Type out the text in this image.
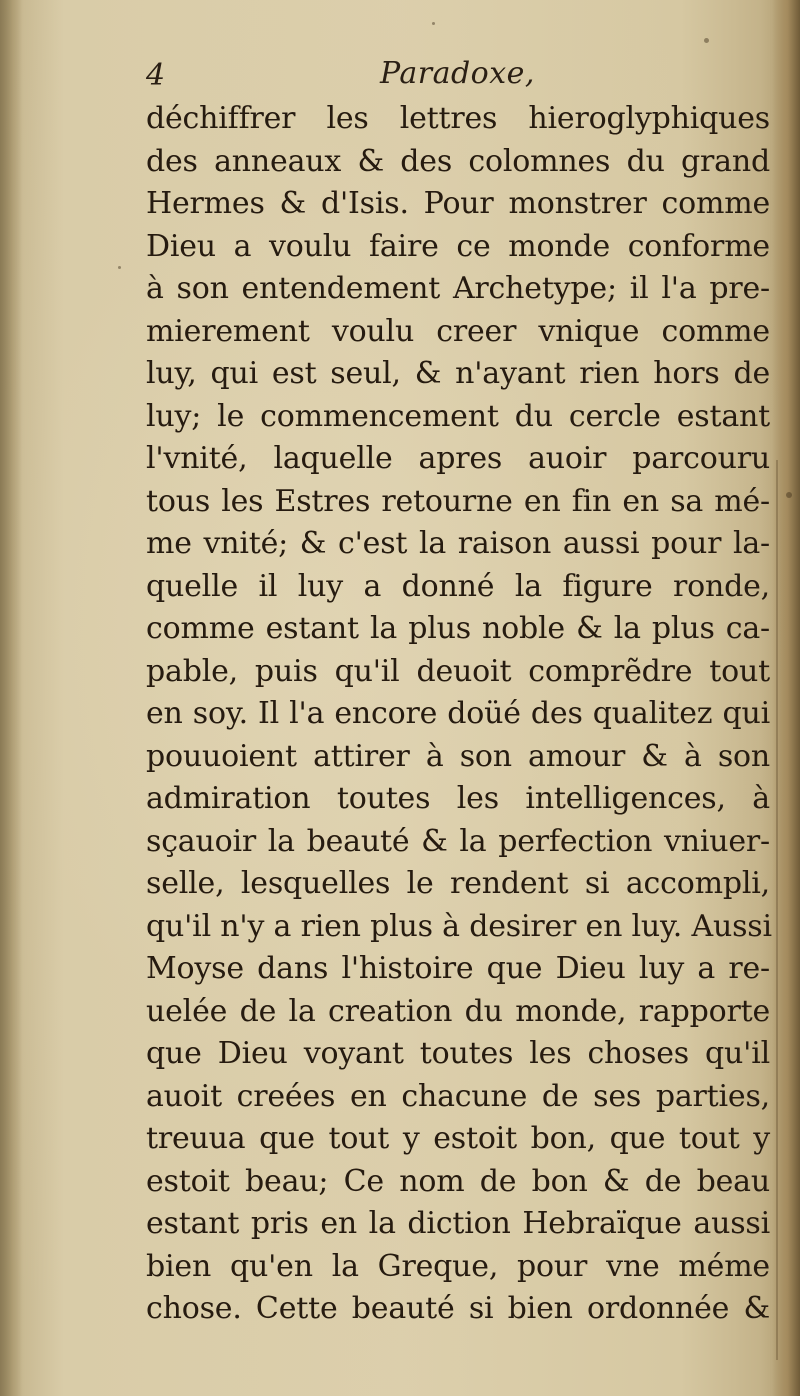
4	Paradoxe,
déchiffrer les lettres hieroglyphiques
des anneaux & des colomnes du grand
Hermes & d'Isis. Pour monstrer comme
Dieu a voulu faire ce monde conforme
à son entendement Archetype; il l'a pre-
mierement voulu creer vnique comme
luy, qui est seul, & n'ayant rien hors de
luy; le commencement du cercle estant
l'vnité, laquelle apres auoir parcouru
tous les Estres retourne en fin en sa mé-
me vnité; & c'est la raison aussi pour la-
quelle il luy a donné la figure ronde,
comme estant la plus noble & la plus ca-
pable, puis qu'il deuoit comprẽdre tout
en soy. Il l'a encore doüé des qualitez qui
pouuoient attirer à son amour & à son
admiration toutes les intelligences, à
sçauoir la beauté & la perfection vniuer-
selle, lesquelles le rendent si accompli,
qu'il n'y a rien plus à desirer en luy. Aussi
Moyse dans l'histoire que Dieu luy a re-
uelée de la creation du monde, rapporte
que Dieu voyant toutes les choses qu'il
auoit creées en chacune de ses parties,
treuua que tout y estoit bon, que tout y
estoit beau; Ce nom de bon & de beau
estant pris en la diction Hebraïque aussi
bien qu'en la Greque, pour vne méme
chose. Cette beauté si bien ordonnée &
